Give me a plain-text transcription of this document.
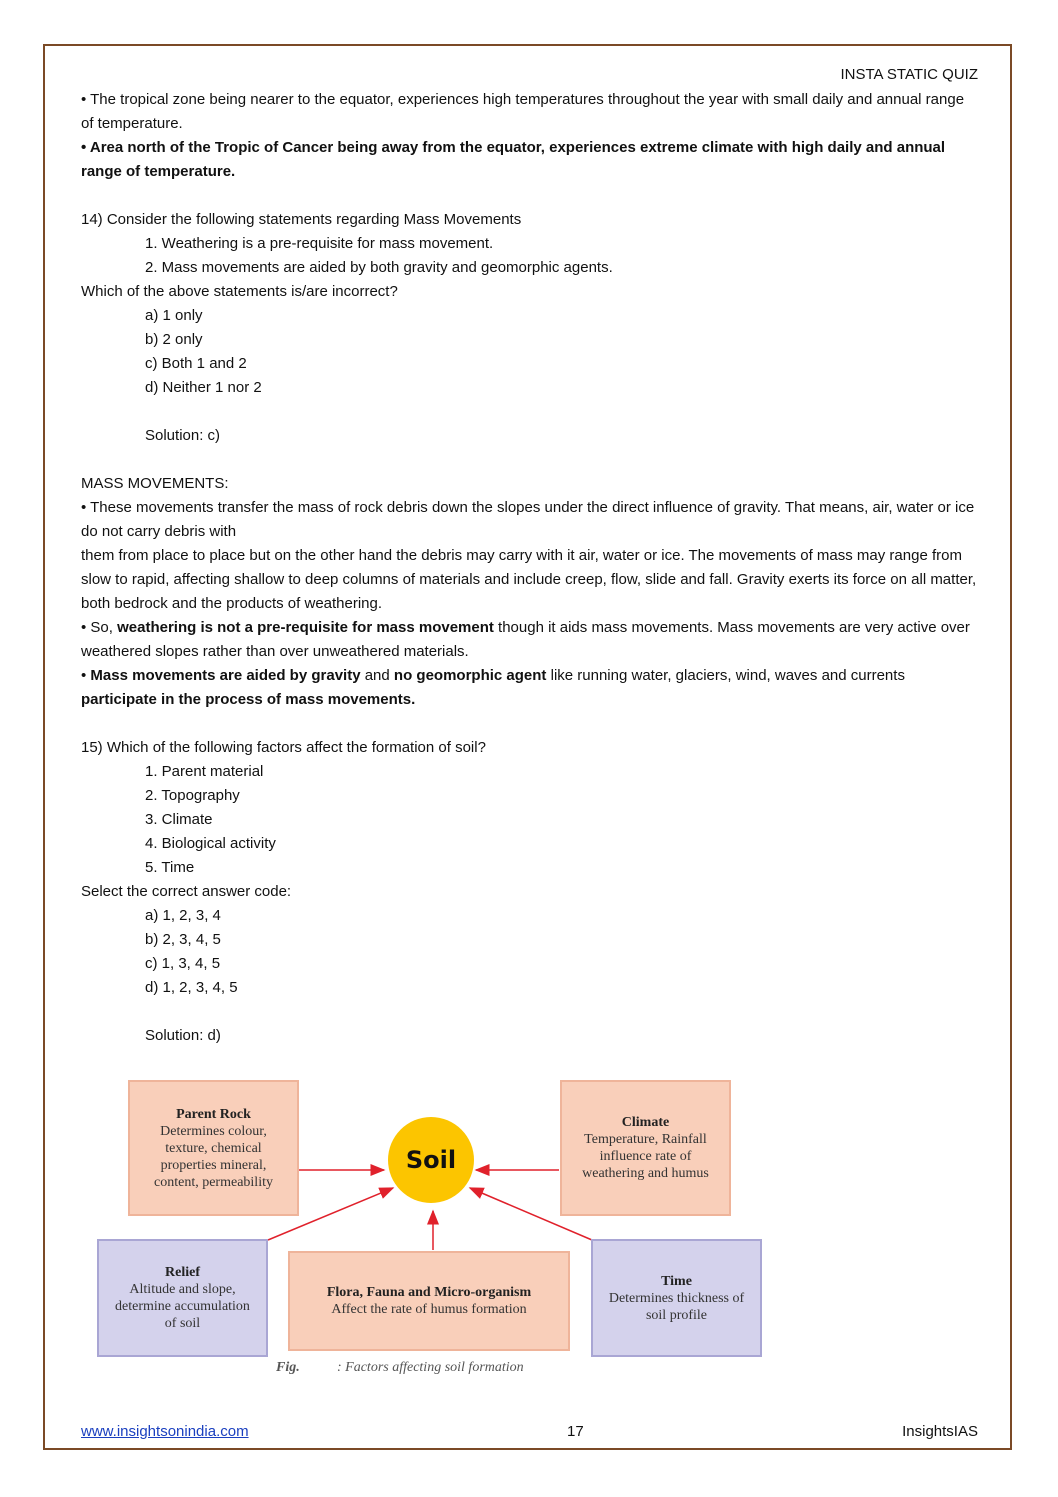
INSTA STATIC QUIZ

• The tropical zone being nearer to the equator, experiences high temperatures throughout the year with small daily and annual range of temperature.

• Area north of the Tropic of Cancer being away from the equator, experiences extreme climate with high daily and annual range of temperature.

14) Consider the following statements regarding Mass Movements

1. Weathering is a pre-requisite for mass movement.

2. Mass movements are aided by both gravity and geomorphic agents.

Which of the above statements is/are incorrect?

a) 1 only

b) 2 only

c) Both 1 and 2

d) Neither 1 nor 2

Solution: c)

MASS MOVEMENTS:

• These movements transfer the mass of rock debris down the slopes under the direct influence of gravity. That means, air, water or ice do not carry debris with

them from place to place but on the other hand the debris may carry with it air, water or ice. The movements of mass may range from slow to rapid, affecting shallow to deep columns of materials and include creep, flow, slide and fall. Gravity exerts its force on all matter, both bedrock and the products of weathering.

• So, weathering is not a pre-requisite for mass movement though it aids mass movements. Mass movements are very active over weathered slopes rather than over unweathered materials.

• Mass movements are aided by gravity and no geomorphic agent like running water, glaciers, wind, waves and currents participate in the process of mass movements.

15) Which of the following factors affect the formation of soil?

1. Parent material

2. Topography

3. Climate

4. Biological activity

5. Time

Select the correct answer code:

a) 1, 2, 3, 4

b) 2, 3, 4, 5

c) 1, 3, 4, 5

d) 1, 2, 3, 4, 5

Solution: d)

Parent Rock
Determines colour, texture, chemical properties mineral, content, permeability
Climate
Temperature, Rainfall influence rate of weathering and humus
Relief
Altitude and slope, determine accumulation of soil
Flora, Fauna and Micro-organism
Affect the rate of humus formation
Time
Determines thickness of soil profile
Soil
Fig.	: Factors affecting soil formation
www.insightsonindia.com	17	InsightsIAS
